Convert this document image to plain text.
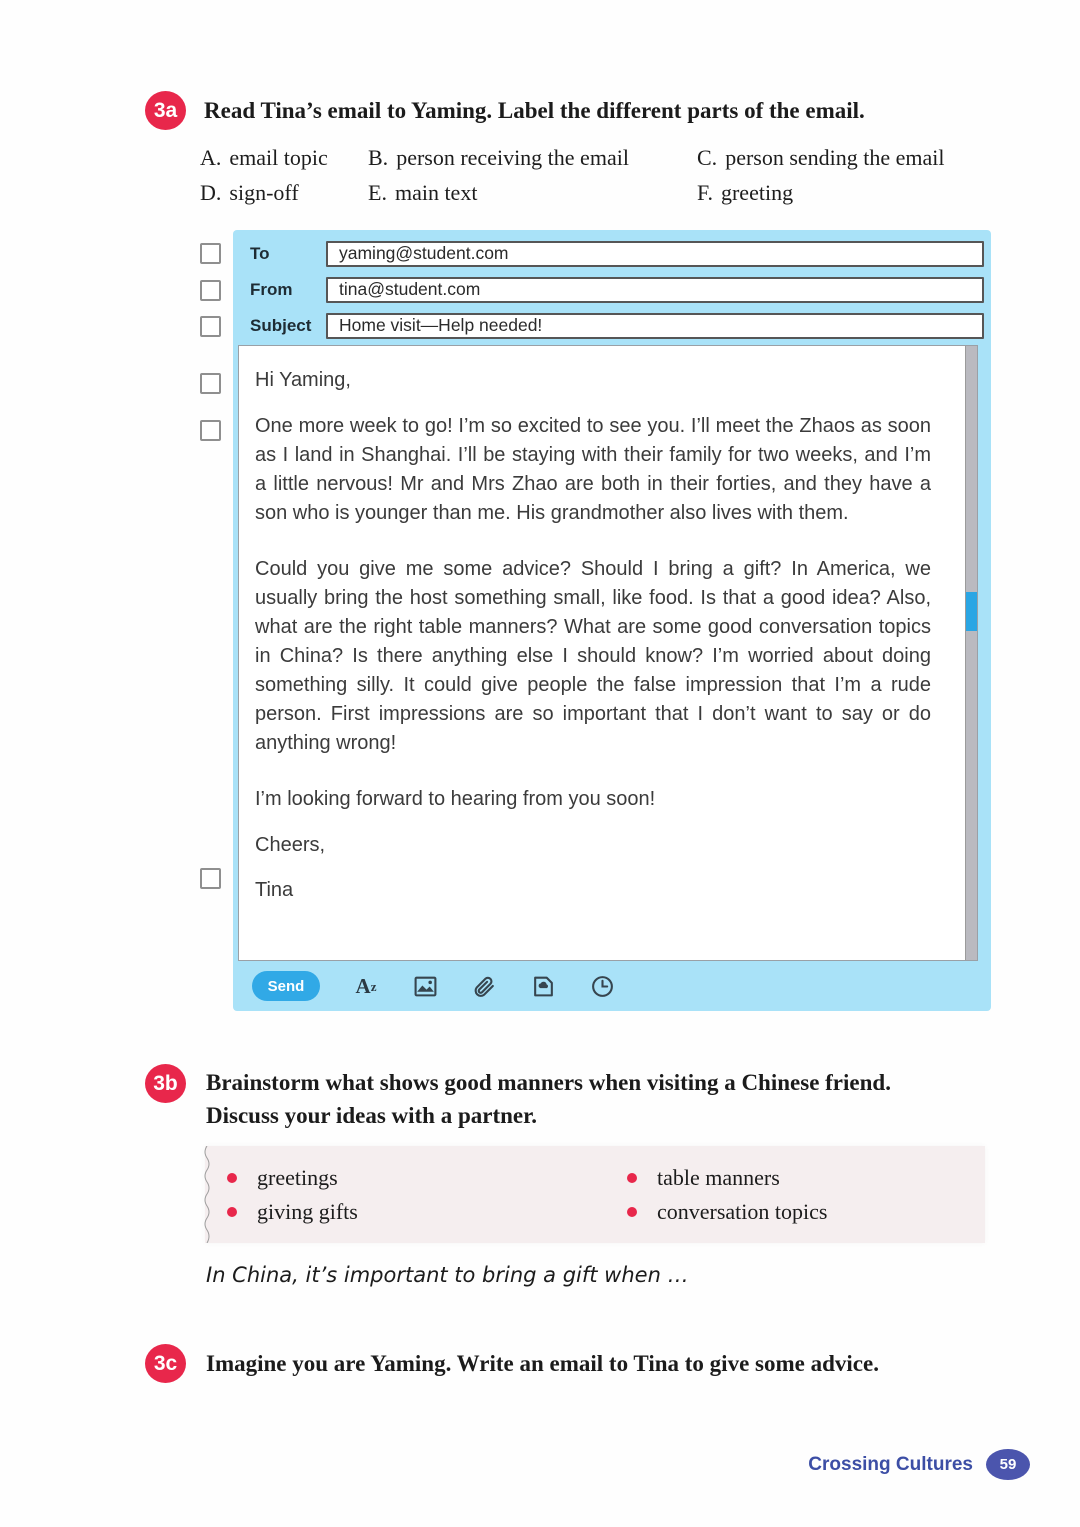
3a	Read Tina’s email to Yaming. Label the different parts of the email.
A. email topic	B. person receiving the email	C. person sending the email
D. sign-off	E. main text	F. greeting
To	yaming@student.com
From	tina@student.com
Subject	Home visit—Help needed!

Hi Yaming,

One more week to go! I’m so excited to see you. I’ll meet the Zhaos as soon as I land in Shanghai. I’ll be staying with their family for two weeks, and I’m a little nervous! Mr and Mrs Zhao are both in their forties, and they have a son who is younger than me. His grandmother also lives with them.

Could you give me some advice? Should I bring a gift? In America, we usually bring the host something small, like food. Is that a good idea? Also, what are the right table manners? What are some good conversation topics in China? Is there anything else I should know? I’m worried about doing something silly. It could give people the false impression that I’m a rude person. First impressions are so important that I don’t want to say or do anything wrong!

I’m looking forward to hearing from you soon!

Cheers,

Tina

Send	A z
3b	Brainstorm what shows good manners when visiting a Chinese friend.
Discuss your ideas with a partner.
greetings
giving gifts
table manners
conversation topics
In China, it’s important to bring a gift when …
3c	Imagine you are Yaming. Write an email to Tina to give some advice.
Crossing Cultures	59
